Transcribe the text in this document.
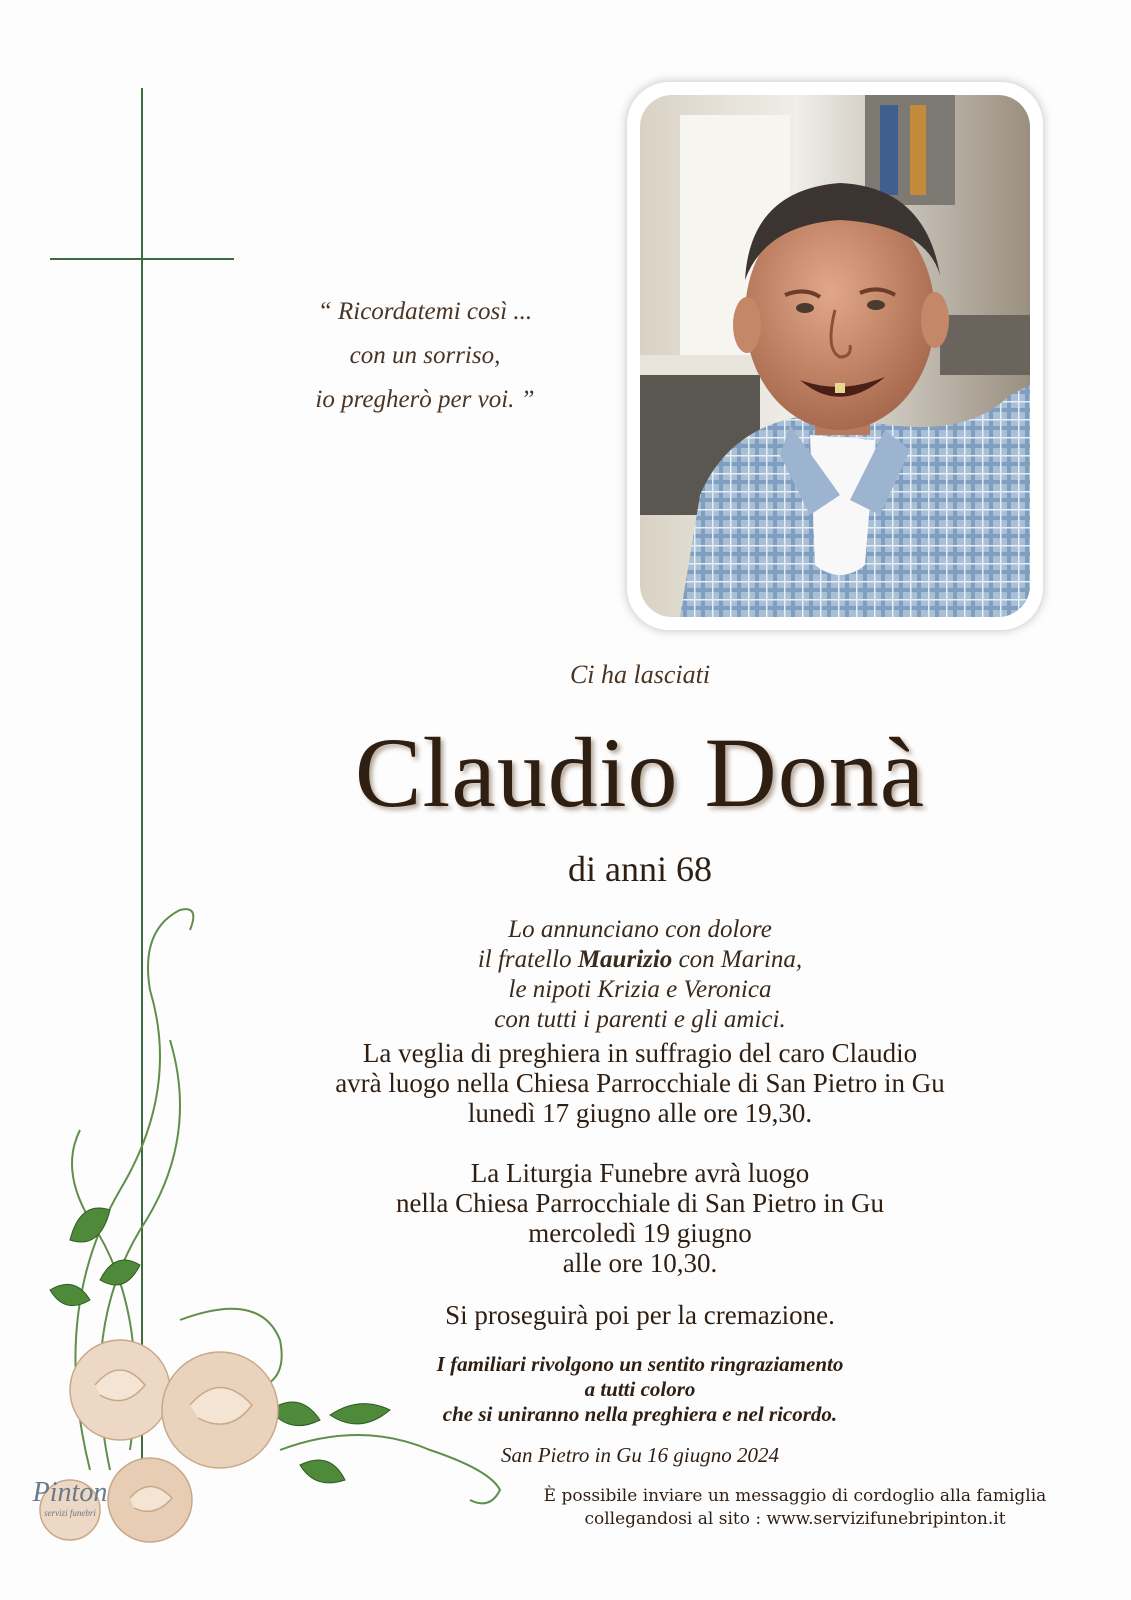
“ Ricordatemi così ...
con un sorriso,
io pregherò per voi. ”
Ci ha lasciati
Claudio Donà
di anni 68
Lo annunciano con dolore
il fratello Maurizio con Marina,
le nipoti Krizia e Veronica
con tutti i parenti e gli amici.
La veglia di preghiera in suffragio del caro Claudio
avrà luogo nella Chiesa Parrocchiale di San Pietro in Gu
lunedì 17 giugno alle ore 19,30.
La Liturgia Funebre avrà luogo
nella Chiesa Parrocchiale di San Pietro in Gu
mercoledì 19 giugno
alle ore 10,30.
Si proseguirà poi per la cremazione.
I familiari rivolgono un sentito ringraziamento
a tutti coloro
che si uniranno nella preghiera e nel ricordo.
San Pietro in Gu 16 giugno 2024
Pinton
servizi funebri
È possibile inviare un messaggio di cordoglio alla famiglia
collegandosi al sito : www.servizifunebripinton.it
